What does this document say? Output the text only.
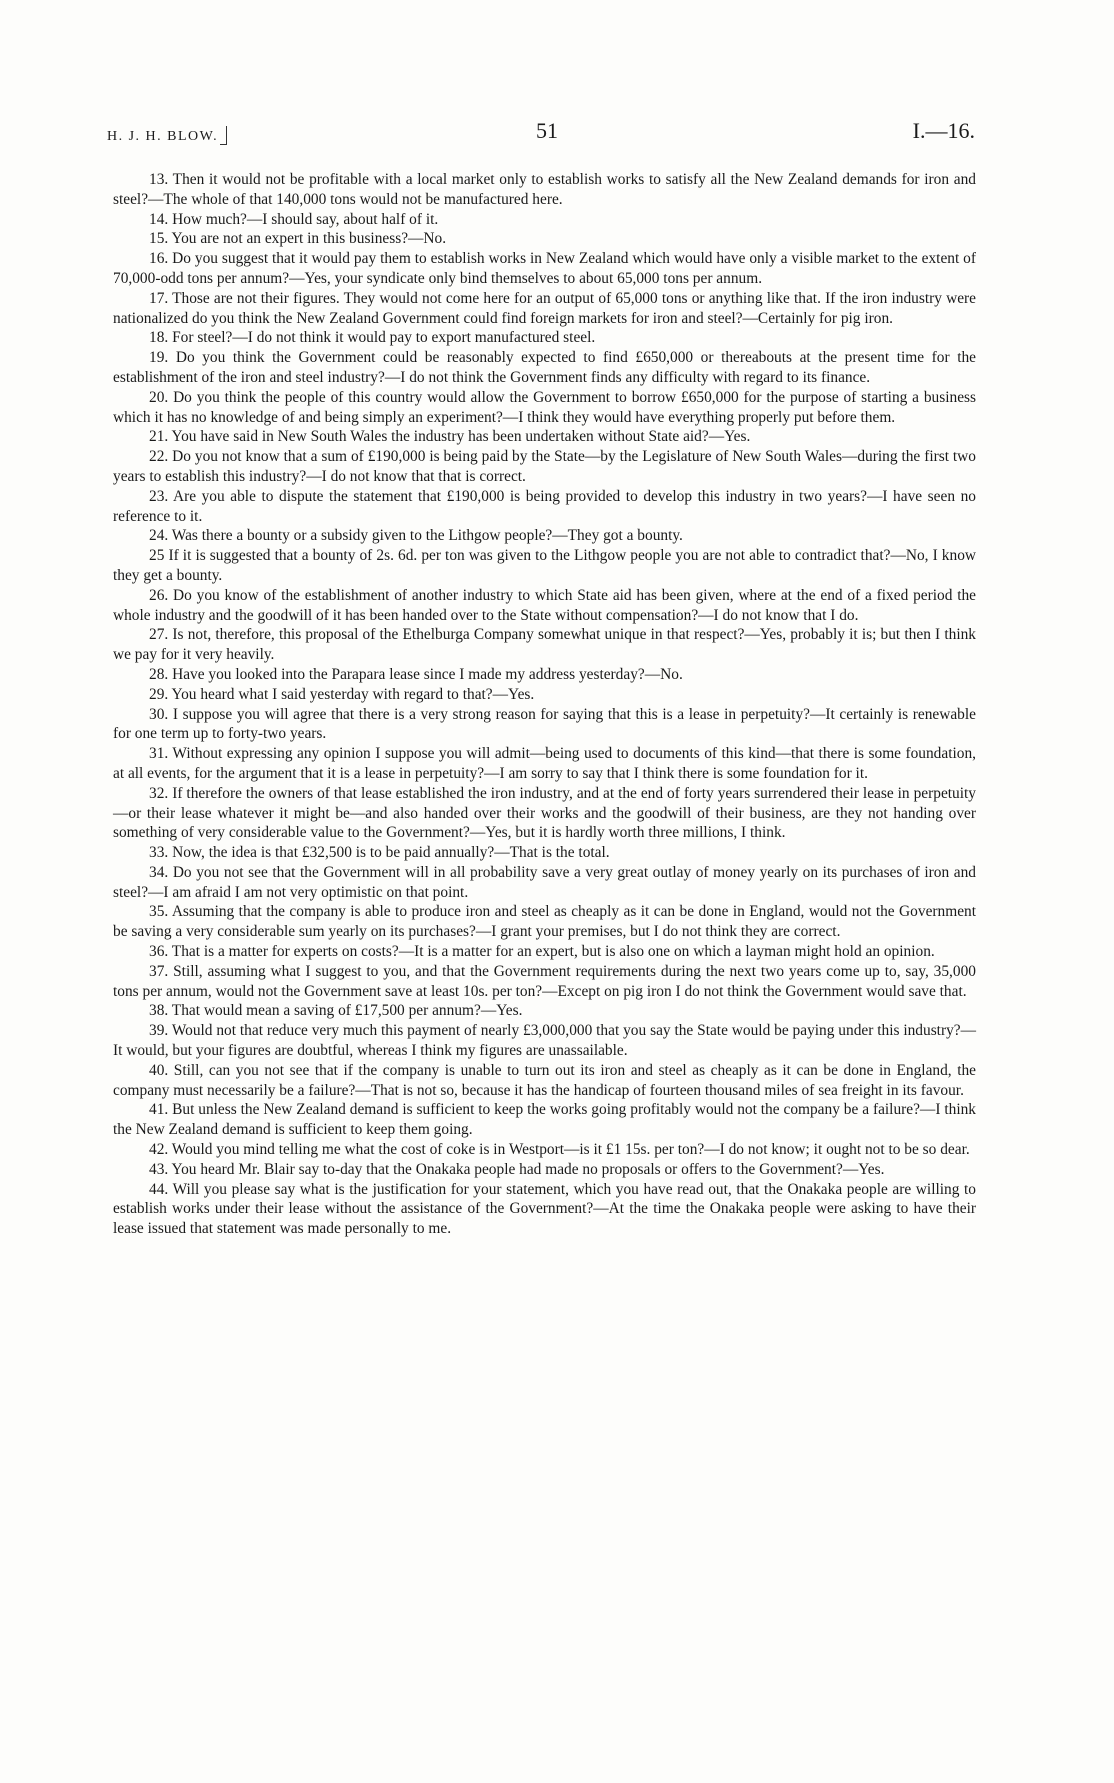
H. J. H. BLOW.	51	I.—16.

13. Then it would not be profitable with a local market only to establish works to satisfy all the New Zealand demands for iron and steel?—The whole of that 140,000 tons would not be manufactured here.

14. How much?—I should say, about half of it.

15. You are not an expert in this business?—No.

16. Do you suggest that it would pay them to establish works in New Zealand which would have only a visible market to the extent of 70,000-odd tons per annum?—Yes, your syndicate only bind themselves to about 65,000 tons per annum.

17. Those are not their figures. They would not come here for an output of 65,000 tons or anything like that. If the iron industry were nationalized do you think the New Zealand Government could find foreign markets for iron and steel?—Certainly for pig iron.

18. For steel?—I do not think it would pay to export manufactured steel.

19. Do you think the Government could be reasonably expected to find £650,000 or thereabouts at the present time for the establishment of the iron and steel industry?—I do not think the Government finds any difficulty with regard to its finance.

20. Do you think the people of this country would allow the Government to borrow £650,000 for the purpose of starting a business which it has no knowledge of and being simply an experiment?—I think they would have everything properly put before them.

21. You have said in New South Wales the industry has been undertaken without State aid?—Yes.

22. Do you not know that a sum of £190,000 is being paid by the State—by the Legislature of New South Wales—during the first two years to establish this industry?—I do not know that that is correct.

23. Are you able to dispute the statement that £190,000 is being provided to develop this industry in two years?—I have seen no reference to it.

24. Was there a bounty or a subsidy given to the Lithgow people?—They got a bounty.

25 If it is suggested that a bounty of 2s. 6d. per ton was given to the Lithgow people you are not able to contradict that?—No, I know they get a bounty.

26. Do you know of the establishment of another industry to which State aid has been given, where at the end of a fixed period the whole industry and the goodwill of it has been handed over to the State without compensation?—I do not know that I do.

27. Is not, therefore, this proposal of the Ethelburga Company somewhat unique in that respect?—Yes, probably it is; but then I think we pay for it very heavily.

28. Have you looked into the Parapara lease since I made my address yesterday?—No.

29. You heard what I said yesterday with regard to that?—Yes.

30. I suppose you will agree that there is a very strong reason for saying that this is a lease in perpetuity?—It certainly is renewable for one term up to forty-two years.

31. Without expressing any opinion I suppose you will admit—being used to documents of this kind—that there is some foundation, at all events, for the argument that it is a lease in perpetuity?—I am sorry to say that I think there is some foundation for it.

32. If therefore the owners of that lease established the iron industry, and at the end of forty years surrendered their lease in perpetuity—or their lease whatever it might be—and also handed over their works and the goodwill of their business, are they not handing over something of very considerable value to the Government?—Yes, but it is hardly worth three millions, I think.

33. Now, the idea is that £32,500 is to be paid annually?—That is the total.

34. Do you not see that the Government will in all probability save a very great outlay of money yearly on its purchases of iron and steel?—I am afraid I am not very optimistic on that point.

35. Assuming that the company is able to produce iron and steel as cheaply as it can be done in England, would not the Government be saving a very considerable sum yearly on its purchases?—I grant your premises, but I do not think they are correct.

36. That is a matter for experts on costs?—It is a matter for an expert, but is also one on which a layman might hold an opinion.

37. Still, assuming what I suggest to you, and that the Government requirements during the next two years come up to, say, 35,000 tons per annum, would not the Government save at least 10s. per ton?—Except on pig iron I do not think the Government would save that.

38. That would mean a saving of £17,500 per annum?—Yes.

39. Would not that reduce very much this payment of nearly £3,000,000 that you say the State would be paying under this industry?—It would, but your figures are doubtful, whereas I think my figures are unassailable.

40. Still, can you not see that if the company is unable to turn out its iron and steel as cheaply as it can be done in England, the company must necessarily be a failure?—That is not so, because it has the handicap of fourteen thousand miles of sea freight in its favour.

41. But unless the New Zealand demand is sufficient to keep the works going profitably would not the company be a failure?—I think the New Zealand demand is sufficient to keep them going.

42. Would you mind telling me what the cost of coke is in Westport—is it £1 15s. per ton?—I do not know; it ought not to be so dear.

43. You heard Mr. Blair say to-day that the Onakaka people had made no proposals or offers to the Government?—Yes.

44. Will you please say what is the justification for your statement, which you have read out, that the Onakaka people are willing to establish works under their lease without the assistance of the Government?—At the time the Onakaka people were asking to have their lease issued that statement was made personally to me.
